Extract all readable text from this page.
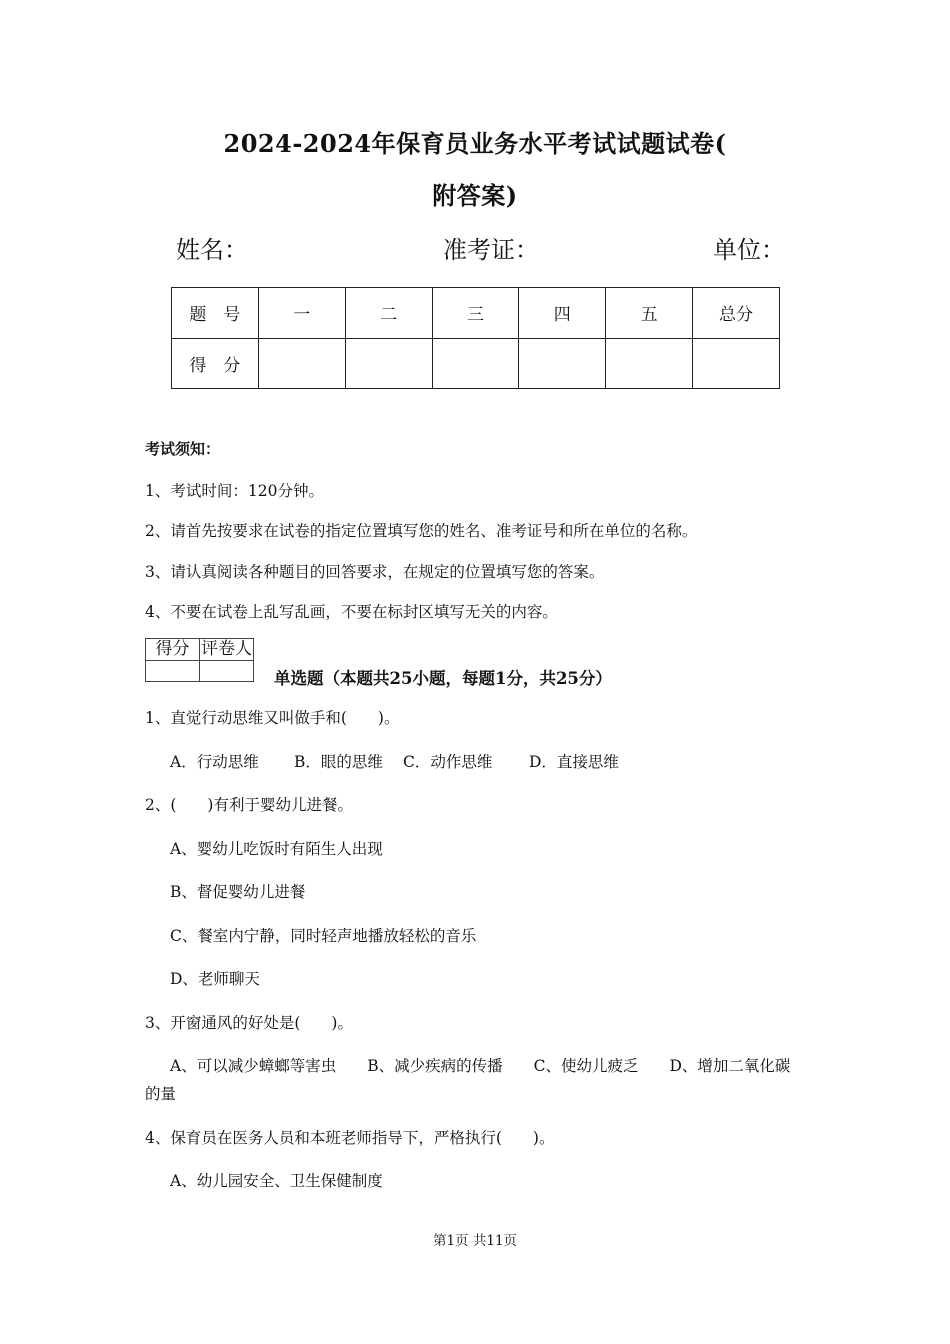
2024-2024年保育员业务水平考试试题试卷(
附答案)
姓名：	准考证：	单位：
题　号	一	二	三	四	五	总分
得　分						
考试须知：
1、考试时间：120分钟。
2、请首先按要求在试卷的指定位置填写您的姓名、准考证号和所在单位的名称。
3、请认真阅读各种题目的回答要求，在规定的位置填写您的答案。
4、不要在试卷上乱写乱画，不要在标封区填写无关的内容。
得分	评卷人

单选题（本题共25小题，每题1分，共25分）
1、直觉行动思维又叫做手和(　　)。
A．行动思维 B．眼的思维 C．动作思维 D．直接思维
2、(　　)有利于婴幼儿进餐。
A、婴幼儿吃饭时有陌生人出现
B、督促婴幼儿进餐
C、餐室内宁静，同时轻声地播放轻松的音乐
D、老师聊天
3、开窗通风的好处是(　　)。
A、可以减少蟑螂等害虫　　B、减少疾病的传播　　C、使幼儿疲乏　　D、增加二氧化碳
的量
4、保育员在医务人员和本班老师指导下，严格执行(　　)。
A、幼儿园安全、卫生保健制度
第1页 共11页
